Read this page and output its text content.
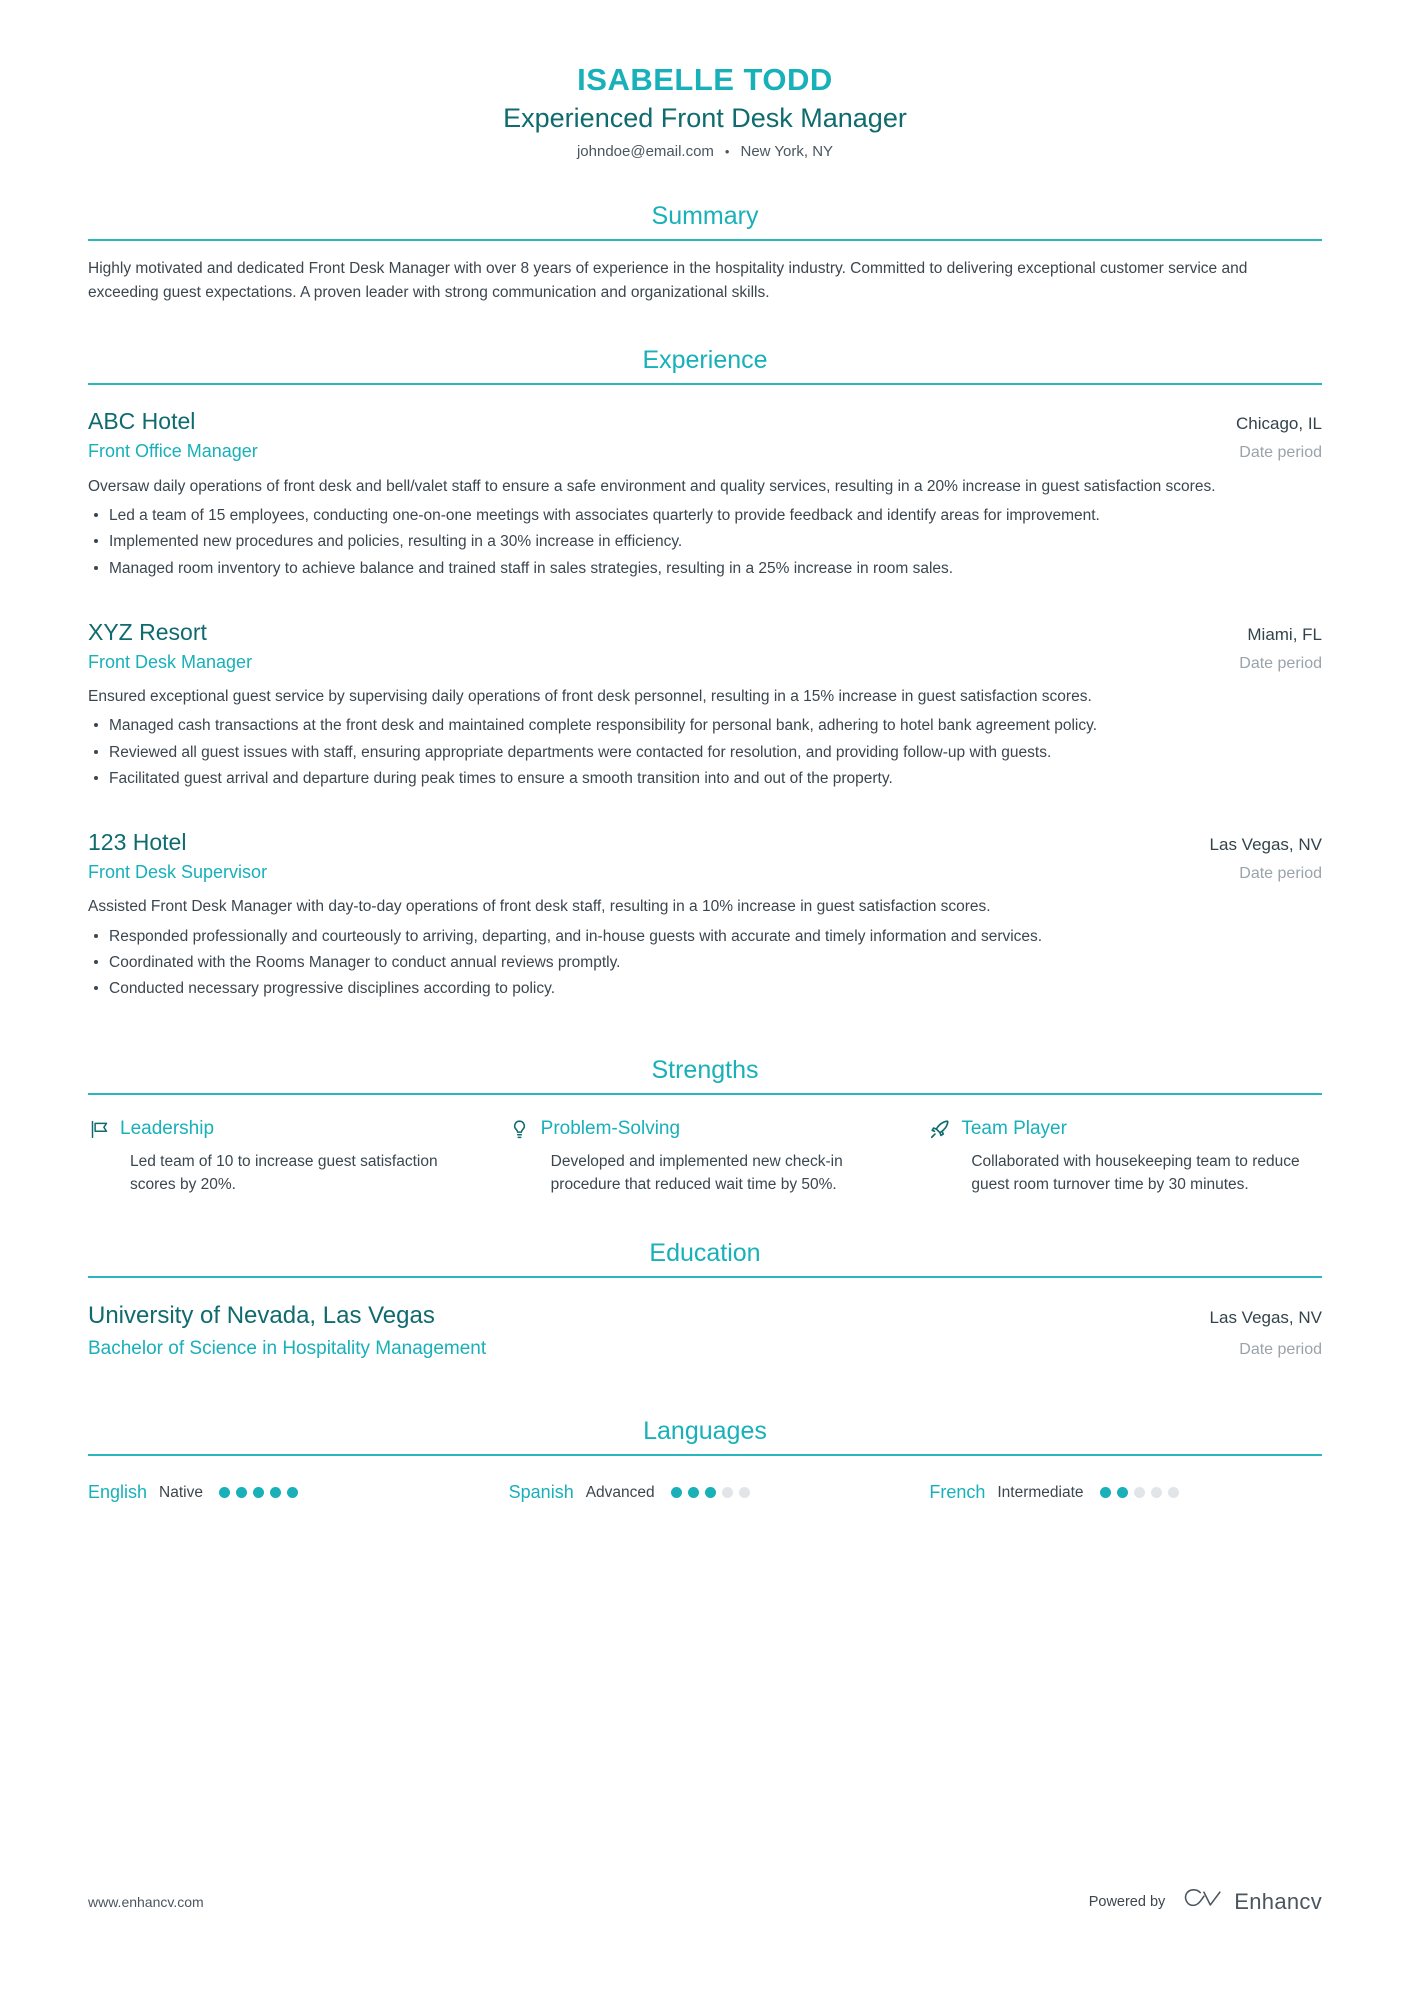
ISABELLE TODD
Experienced Front Desk Manager
johndoe@email.com • New York, NY
Summary

Highly motivated and dedicated Front Desk Manager with over 8 years of experience in the hospitality industry. Committed to delivering exceptional customer service and exceeding guest expectations. A proven leader with strong communication and organizational skills.

Experience
ABC Hotel	Chicago, IL
Front Office Manager	Date period

Oversaw daily operations of front desk and bell/valet staff to ensure a safe environment and quality services, resulting in a 20% increase in guest satisfaction scores.

Led a team of 15 employees, conducting one-on-one meetings with associates quarterly to provide feedback and identify areas for improvement.
Implemented new procedures and policies, resulting in a 30% increase in efficiency.
Managed room inventory to achieve balance and trained staff in sales strategies, resulting in a 25% increase in room sales.
XYZ Resort	Miami, FL
Front Desk Manager	Date period

Ensured exceptional guest service by supervising daily operations of front desk personnel, resulting in a 15% increase in guest satisfaction scores.

Managed cash transactions at the front desk and maintained complete responsibility for personal bank, adhering to hotel bank agreement policy.
Reviewed all guest issues with staff, ensuring appropriate departments were contacted for resolution, and providing follow-up with guests.
Facilitated guest arrival and departure during peak times to ensure a smooth transition into and out of the property.
123 Hotel	Las Vegas, NV
Front Desk Supervisor	Date period

Assisted Front Desk Manager with day-to-day operations of front desk staff, resulting in a 10% increase in guest satisfaction scores.

Responded professionally and courteously to arriving, departing, and in-house guests with accurate and timely information and services.
Coordinated with the Rooms Manager to conduct annual reviews promptly.
Conducted necessary progressive disciplines according to policy.
Strengths
Leadership

Led team of 10 to increase guest satisfaction scores by 20%.

Problem-Solving

Developed and implemented new check-in procedure that reduced wait time by 50%.

Team Player

Collaborated with housekeeping team to reduce guest room turnover time by 30 minutes.

Education
University of Nevada, Las Vegas	Las Vegas, NV
Bachelor of Science in Hospitality Management	Date period
Languages
English Native	Spanish Advanced	French Intermediate
www.enhancv.com	Powered by	Enhancv
